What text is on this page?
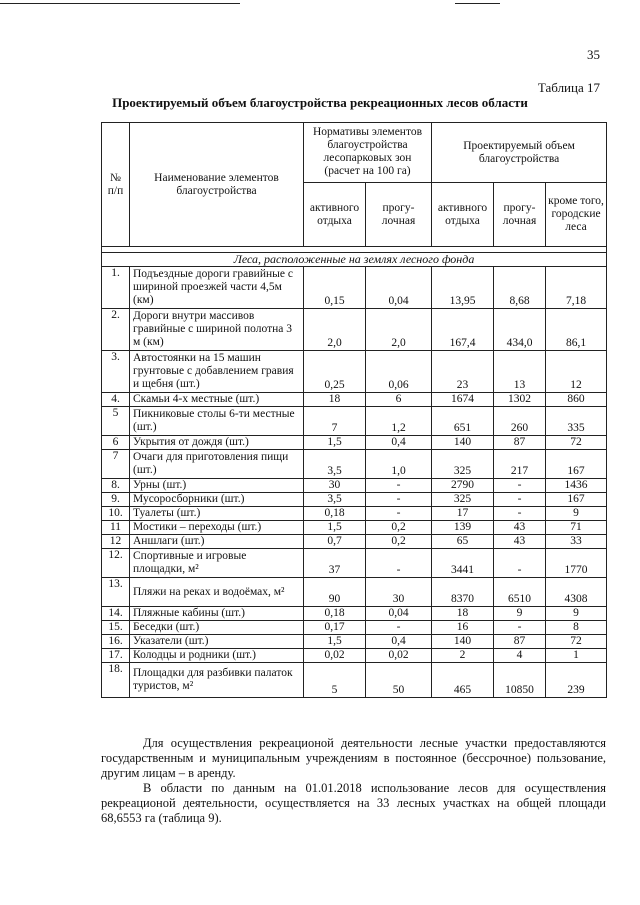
35
Таблица 17
Проектируемый объем благоустройства рекреационных лесов области
№ п/п	Наименование элементов благоустройства	Нормативы элементов благоустройства лесопарковых зон (расчет на 100 га)		Проектируемый объем благоустройства		
		активного отдыха	прогу-лочная	активного отдыха	прогу-лочная	кроме того, городские леса

Леса, расположенные на землях лесного фонда						
1.	Подъездные дороги гравийные с шириной проезжей части 4,5м (км)	0,15	0,04	13,95	8,68	7,18
2.	Дороги внутри массивов гравийные с шириной полотна 3 м (км)	2,0	2,0	167,4	434,0	86,1
3.	Автостоянки на 15 машин грунтовые с добавлением гравия и щебня (шт.)	0,25	0,06	23	13	12
4.	Скамьи 4-х местные (шт.)	18	6	1674	1302	860
5	Пикниковые столы 6-ти местные (шт.)	7	1,2	651	260	335
6	Укрытия от дождя (шт.)	1,5	0,4	140	87	72
7	Очаги для приготовления пищи (шт.)	3,5	1,0	325	217	167
8.	Урны (шт.)	30	-	2790	-	1436
9.	Мусоросборники (шт.)	3,5	-	325	-	167
10.	Туалеты (шт.)	0,18	-	17	-	9
11	Мостики – переходы (шт.)	1,5	0,2	139	43	71
12	Аншлаги (шт.)	0,7	0,2	65	43	33
12.	Спортивные и игровые площадки, м²	37	-	3441	-	1770
13.	Пляжи на реках и водоёмах, м²	90	30	8370	6510	4308
14.	Пляжные кабины (шт.)	0,18	0,04	18	9	9
15.	Беседки (шт.)	0,17	-	16	-	8
16.	Указатели (шт.)	1,5	0,4	140	87	72
17.	Колодцы и родники (шт.)	0,02	0,02	2	4	1
18.	Площадки для разбивки палаток туристов, м²	5	50	465	10850	239

Для осуществления рекреационой деятельности лесные участки предоставляются государственным и муниципальным учреждениям в постоянное (бессрочное) пользование, другим лицам – в аренду.

В области по данным на 01.01.2018 использование лесов для осуществления рекреационой деятельности, осуществляется на 33 лесных участках на общей площади 68,6553 га (таблица 9).
